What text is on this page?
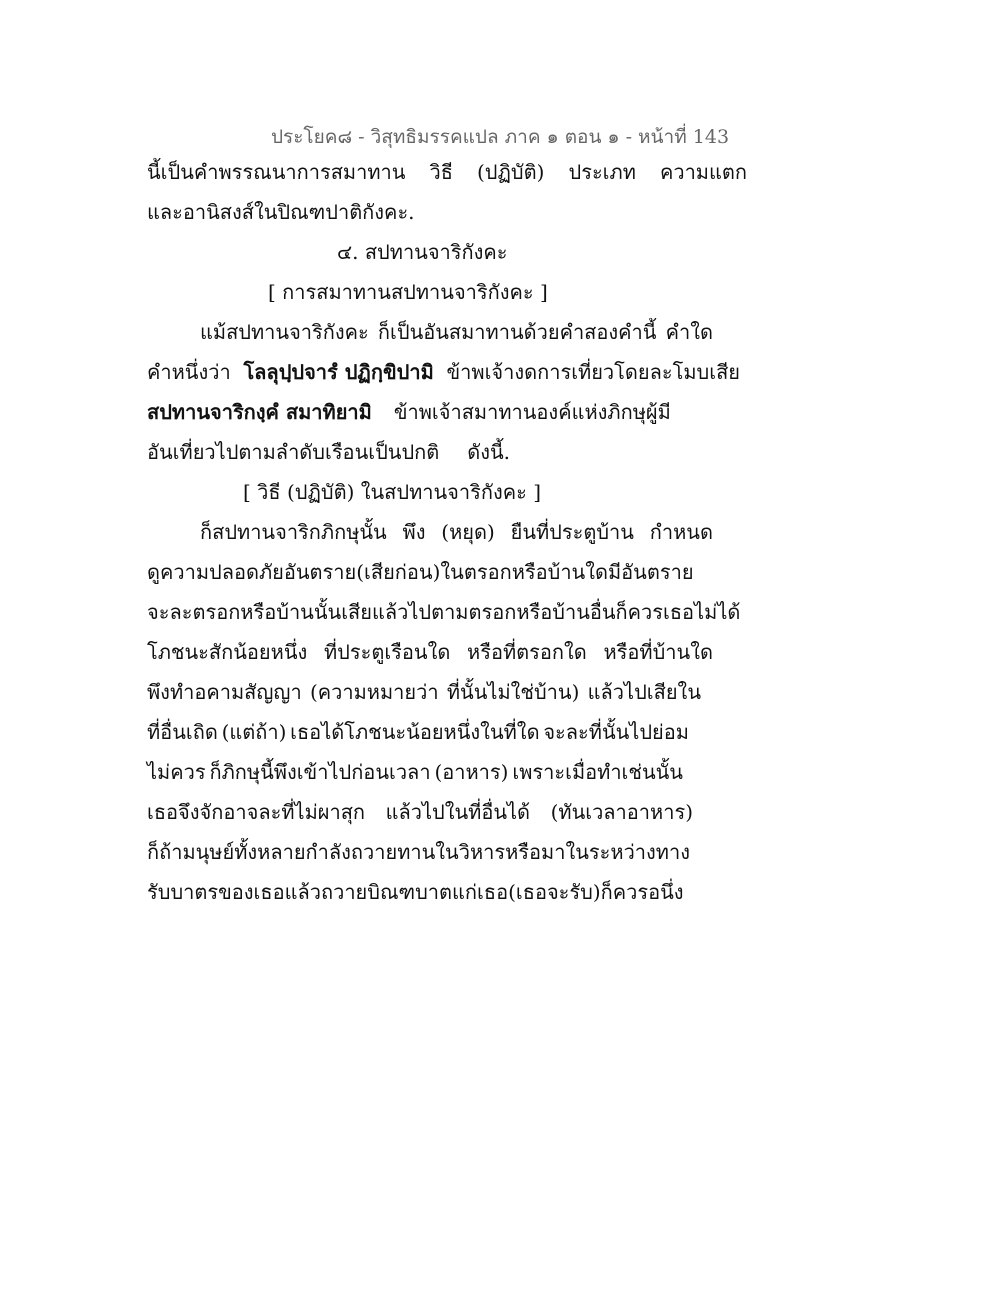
ประโยค๘ - วิสุทธิมรรคแปล ภาค ๑ ตอน ๑ - หน้าที่ 143
นี้เป็นคำพรรณนาการสมาทาน วิธี (ปฏิบัติ) ประเภท ความแตก
และอานิสงส์ในปิณฑปาติกังคะ.
๔. สปทานจาริกังคะ
[ การสมาทานสปทานจาริกังคะ ]
แม้สปทานจาริกังคะ ก็เป็นอันสมาทานด้วยคำสองคำนี้ คำใด
คำหนึ่งว่า โลลุปฺปจารํ ปฏิกฺขิปามิ ข้าพเจ้างดการเที่ยวโดยละโมบเสีย
สปทานจาริกงฺคํ สมาทิยามิ ข้าพเจ้าสมาทานองค์แห่งภิกษุผู้มี
อันเที่ยวไปตามลำดับเรือนเป็นปกติ ดังนี้.
[ วิธี (ปฏิบัติ) ในสปทานจาริกังคะ ]
ก็สปทานจาริกภิกษุนั้น พึง (หยุด) ยืนที่ประตูบ้าน กำหนด
ดูความปลอดภัยอันตราย (เสียก่อน) ในตรอกหรือบ้านใดมีอันตราย
จะละตรอกหรือบ้านนั้นเสียแล้วไปตามตรอกหรือบ้านอื่นก็ควร เธอไม่ได้
โภชนะสักน้อยหนึ่ง ที่ประตูเรือนใด หรือที่ตรอกใด หรือที่บ้านใด
พึงทำอคามสัญญา (ความหมายว่า ที่นั้นไม่ใช่บ้าน) แล้วไปเสียใน
ที่อื่นเถิด (แต่ถ้า) เธอได้โภชนะน้อยหนึ่งในที่ใด จะละที่นั้นไปย่อม
ไม่ควร ก็ภิกษุนี้พึงเข้าไปก่อนเวลา (อาหาร) เพราะเมื่อทำเช่นนั้น
เธอจึงจักอาจละที่ไม่ผาสุก แล้วไปในที่อื่นได้ (ทันเวลาอาหาร)
ก็ถ้ามนุษย์ทั้งหลายกำลังถวายทานในวิหาร หรือมาในระหว่างทาง
รับบาตรของเธอแล้วถวายบิณฑบาตแก่เธอ (เธอจะรับ) ก็ควร อนึ่ง
